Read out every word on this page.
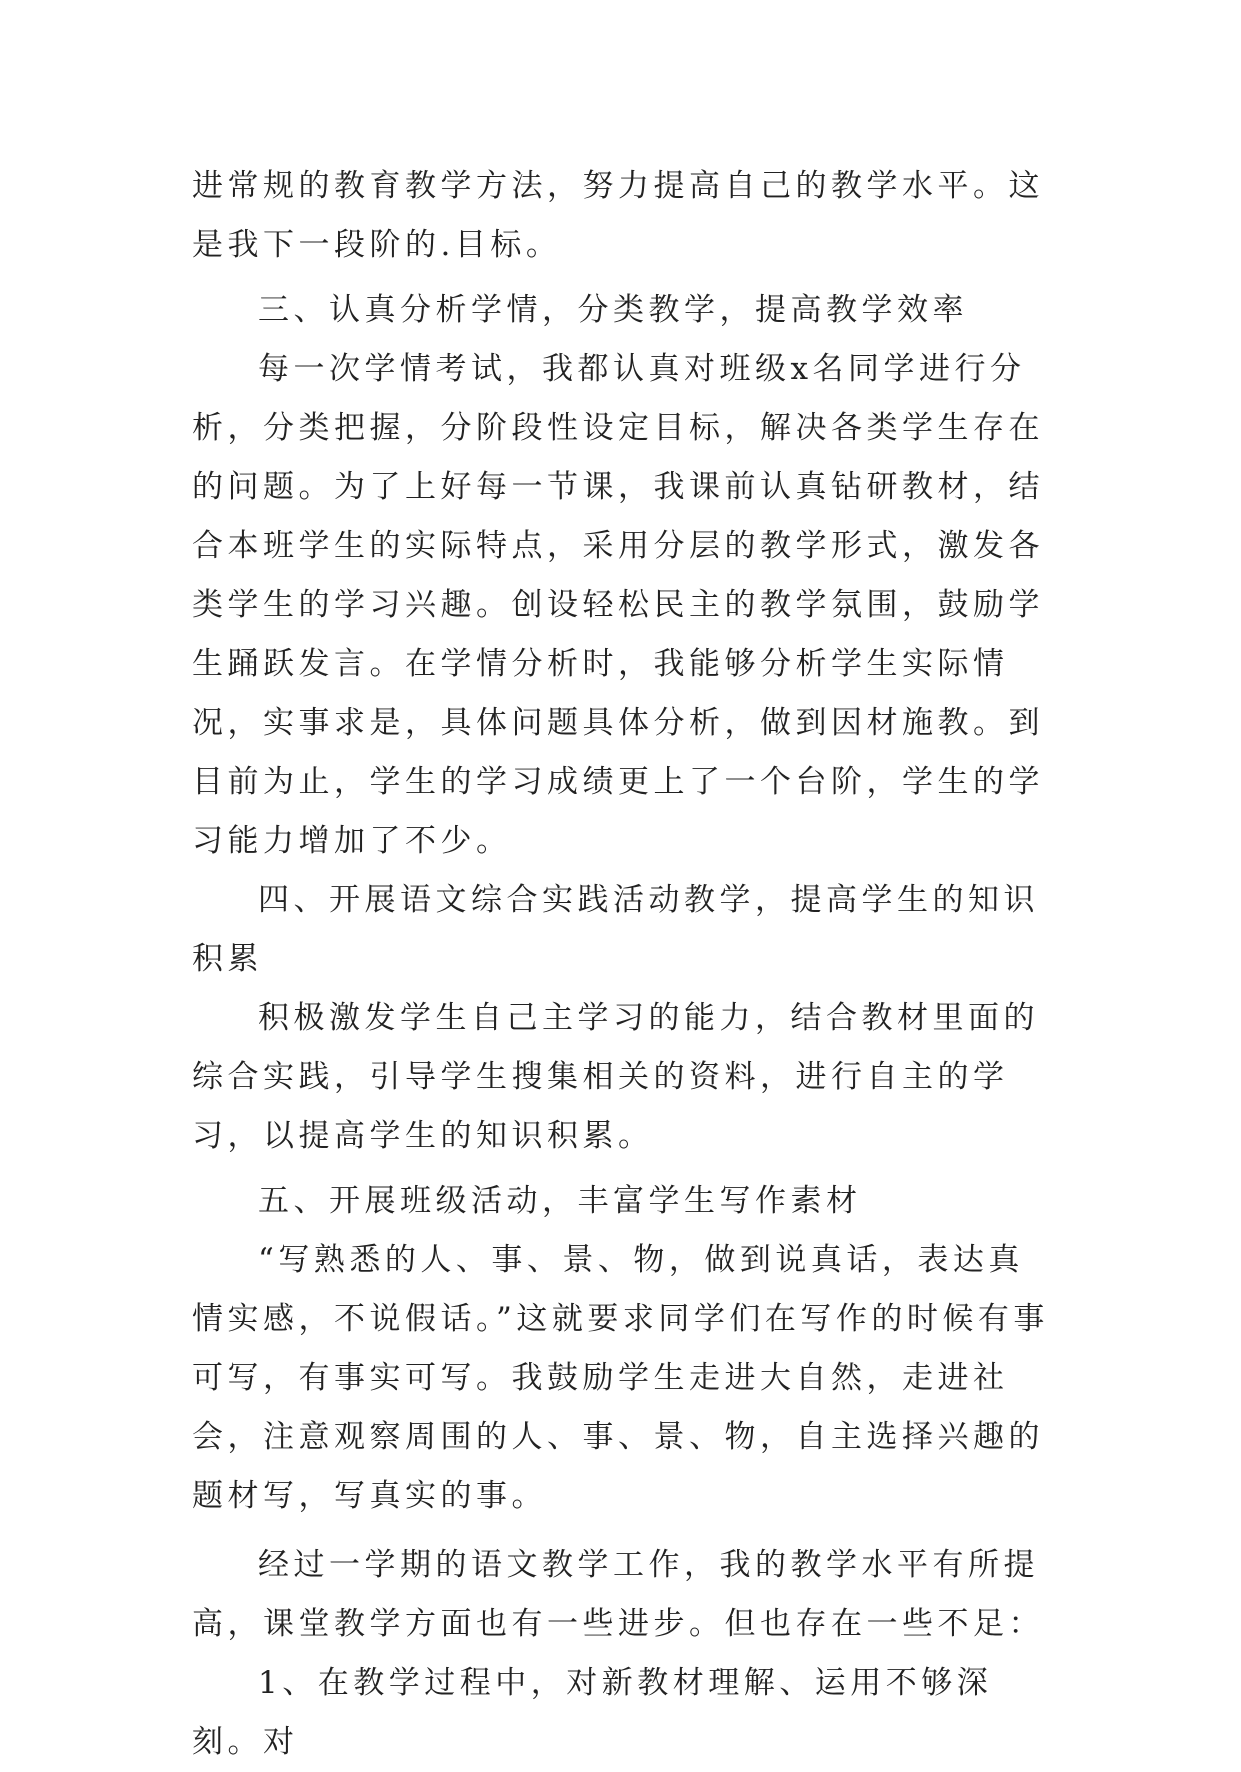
进常规的教育教学方法，努力提高自己的教学水平。这是我下一段阶的.目标。

三、认真分析学情，分类教学，提高教学效率

每一次学情考试，我都认真对班级x名同学进行分析，分类把握，分阶段性设定目标，解决各类学生存在的问题。为了上好每一节课，我课前认真钻研教材，结合本班学生的实际特点，采用分层的教学形式，激发各类学生的学习兴趣。创设轻松民主的教学氛围，鼓励学生踊跃发言。在学情分析时，我能够分析学生实际情况，实事求是，具体问题具体分析，做到因材施教。到目前为止，学生的学习成绩更上了一个台阶，学生的学习能力增加了不少。

四、开展语文综合实践活动教学，提高学生的知识积累

积极激发学生自己主学习的能力，结合教材里面的综合实践，引导学生搜集相关的资料，进行自主的学习，以提高学生的知识积累。

五、开展班级活动，丰富学生写作素材

“写熟悉的人、事、景、物，做到说真话，表达真情实感，不说假话。”这就要求同学们在写作的时候有事可写，有事实可写。我鼓励学生走进大自然，走进社会，注意观察周围的人、事、景、物，自主选择兴趣的题材写，写真实的事。

经过一学期的语文教学工作，我的教学水平有所提高，课堂教学方面也有一些进步。但也存在一些不足：

1、在教学过程中，对新教材理解、运用不够深刻。对
